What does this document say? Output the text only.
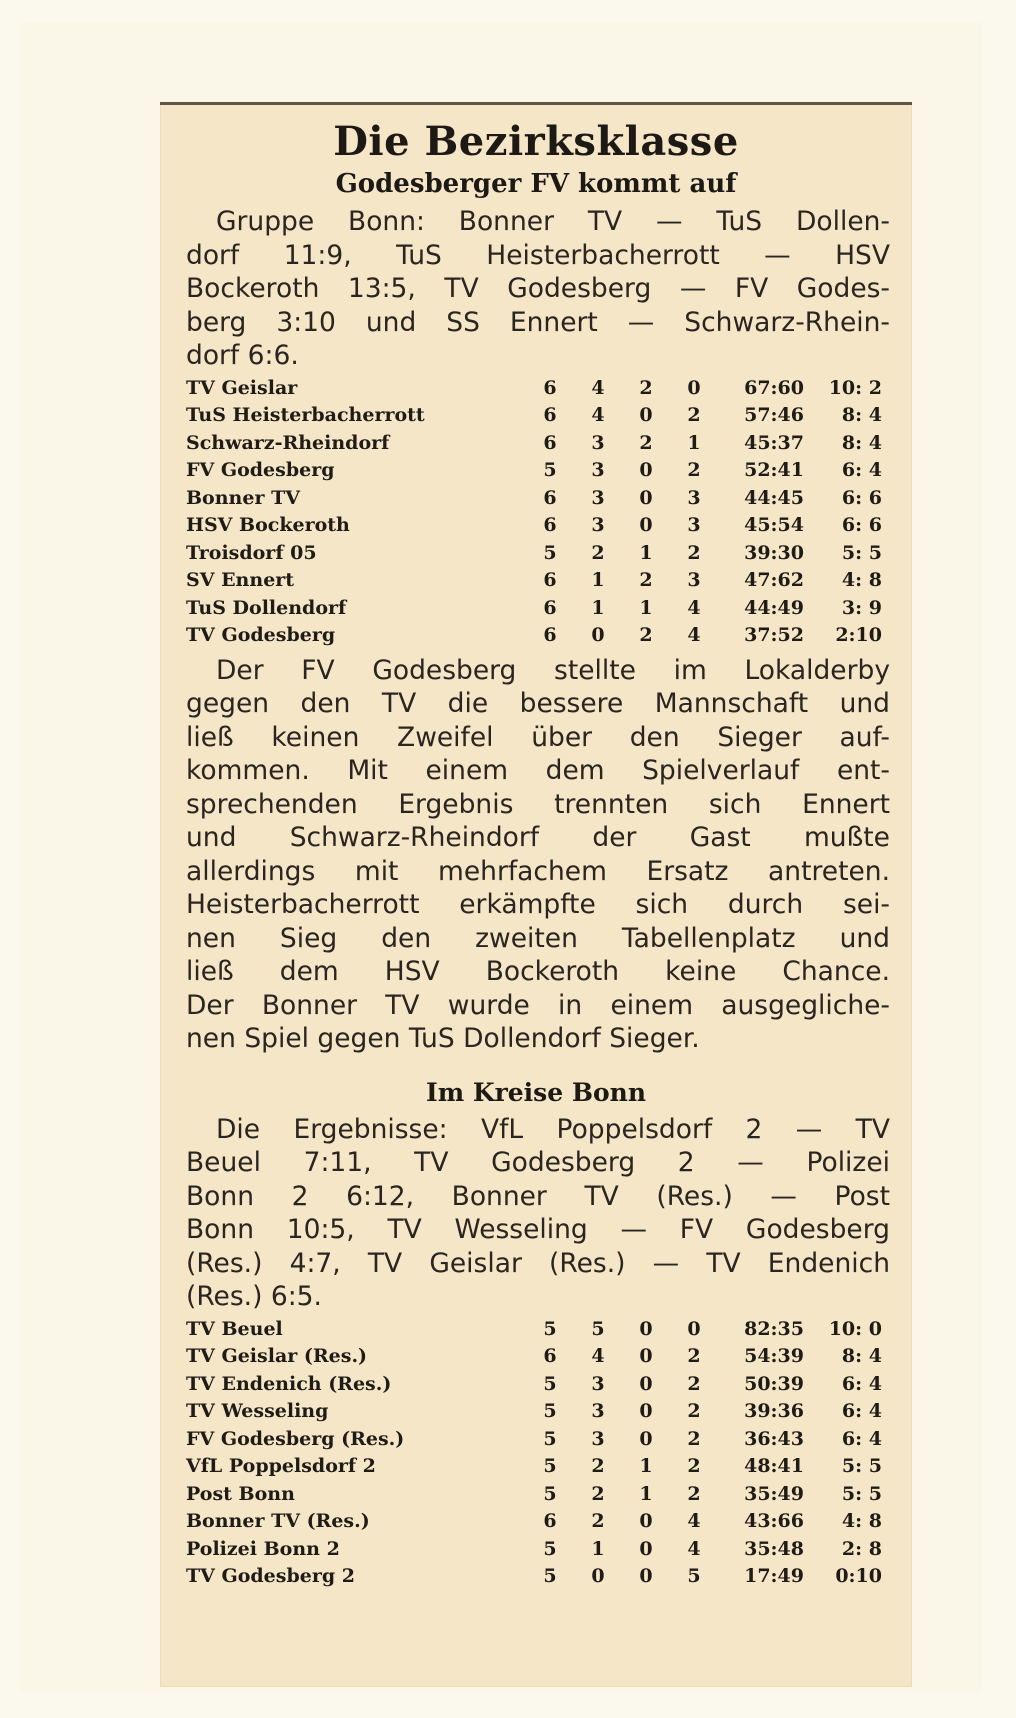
Die Bezirksklasse
Godesberger FV kommt auf
Gruppe Bonn: Bonner TV — TuS Dollen-
dorf 11:9, TuS Heisterbacherrott — HSV
Bockeroth 13:5, TV Godesberg — FV Godes-
berg 3:10 und SS Ennert — Schwarz-Rhein-
dorf 6:6.
TV Geislar	6	4	2	0	67:60	10: 2
TuS Heisterbacherrott	6	4	0	2	57:46	8: 4
Schwarz-Rheindorf	6	3	2	1	45:37	8: 4
FV Godesberg	5	3	0	2	52:41	6: 4
Bonner TV	6	3	0	3	44:45	6: 6
HSV Bockeroth	6	3	0	3	45:54	6: 6
Troisdorf 05	5	2	1	2	39:30	5: 5
SV Ennert	6	1	2	3	47:62	4: 8
TuS Dollendorf	6	1	1	4	44:49	3: 9
TV Godesberg	6	0	2	4	37:52	2:10
Der FV Godesberg stellte im Lokalderby
gegen den TV die bessere Mannschaft und
ließ keinen Zweifel über den Sieger auf-
kommen. Mit einem dem Spielverlauf ent-
sprechenden Ergebnis trennten sich Ennert
und Schwarz-Rheindorf der Gast mußte
allerdings mit mehrfachem Ersatz antreten.
Heisterbacherrott erkämpfte sich durch sei-
nen Sieg den zweiten Tabellenplatz und
ließ dem HSV Bockeroth keine Chance.
Der Bonner TV wurde in einem ausgegliche-
nen Spiel gegen TuS Dollendorf Sieger.
Im Kreise Bonn
Die Ergebnisse: VfL Poppelsdorf 2 — TV
Beuel 7:11, TV Godesberg 2 — Polizei
Bonn 2 6:12, Bonner TV (Res.) — Post
Bonn 10:5, TV Wesseling — FV Godesberg
(Res.) 4:7, TV Geislar (Res.) — TV Endenich
(Res.) 6:5.
TV Beuel	5	5	0	0	82:35	10: 0
TV Geislar (Res.)	6	4	0	2	54:39	8: 4
TV Endenich (Res.)	5	3	0	2	50:39	6: 4
TV Wesseling	5	3	0	2	39:36	6: 4
FV Godesberg (Res.)	5	3	0	2	36:43	6: 4
VfL Poppelsdorf 2	5	2	1	2	48:41	5: 5
Post Bonn	5	2	1	2	35:49	5: 5
Bonner TV (Res.)	6	2	0	4	43:66	4: 8
Polizei Bonn 2	5	1	0	4	35:48	2: 8
TV Godesberg 2	5	0	0	5	17:49	0:10
